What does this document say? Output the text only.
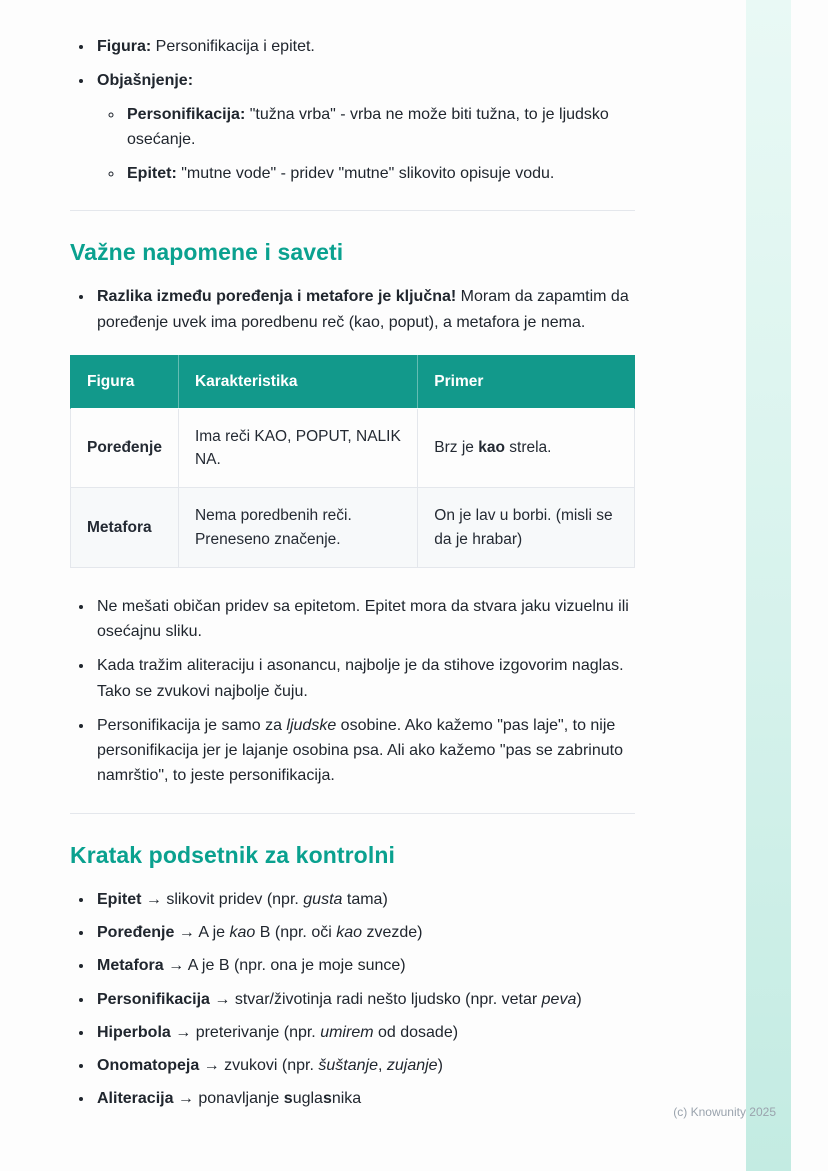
• Figura: Personifikacija i epitet.
• Objašnjenje:
◦ Personifikacija: "tužna vrba" - vrba ne može biti tužna, to je ljudsko osećanje.
◦ Epitet: "mutne vode" - pridev "mutne" slikovito opisuje vodu.
Važne napomene i saveti
• Razlika između poređenja i metafore je ključna! Moram da zapamtim da poređenje uvek ima poredbenu reč (kao, poput), a metafora je nema.
Figura	Karakteristika	Primer
Poređenje	Ima reči KAO, POPUT, NALIK NA.	Brz je kao strela.
Metafora	Nema poredbenih reči. Preneseno značenje.	On je lav u borbi. (misli se da je hrabar)
• Ne mešati običan pridev sa epitetom. Epitet mora da stvara jaku vizuelnu ili osećajnu sliku.
• Kada tražim aliteraciju i asonancu, najbolje je da stihove izgovorim naglas. Tako se zvukovi najbolje čuju.
• Personifikacija je samo za ljudske osobine. Ako kažemo "pas laje", to nije personifikacija jer je lajanje osobina psa. Ali ako kažemo "pas se zabrinuto namrštio", to jeste personifikacija.
Kratak podsetnik za kontrolni
• Epitet → slikovit pridev (npr. gusta tama)
• Poređenje → A je kao B (npr. oči kao zvezde)
• Metafora → A je B (npr. ona je moje sunce)
• Personifikacija → stvar/životinja radi nešto ljudsko (npr. vetar peva)
• Hiperbola → preterivanje (npr. umirem od dosade)
• Onomatopeja → zvukovi (npr. šuštanje, zujanje)
• Aliteracija → ponavljanje suglasnika
(c) Knowunity 2025
